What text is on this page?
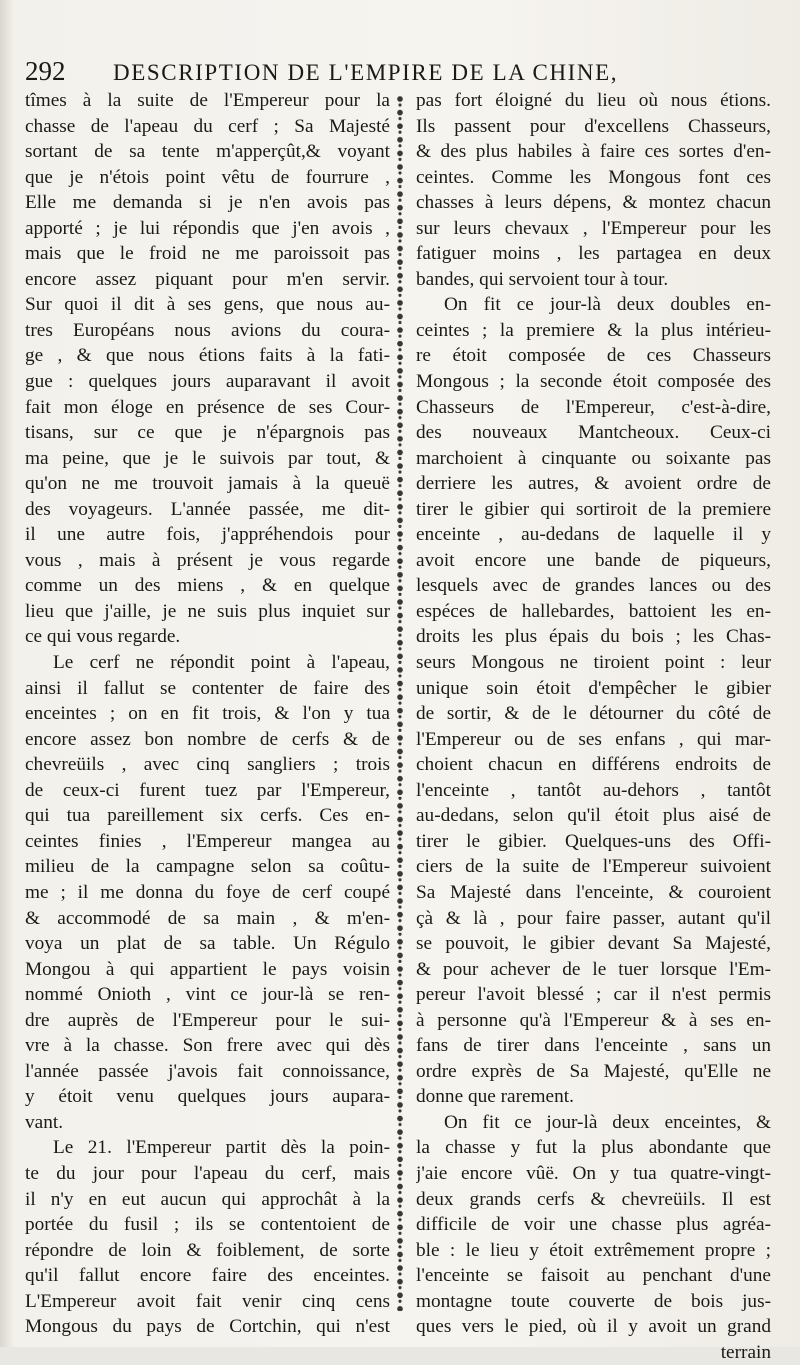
292	DESCRIPTION DE L'EMPIRE DE LA CHINE,
tîmes à la suite de l'Empereur pour la
chasse de l'apeau du cerf ; Sa Majesté
sortant de sa tente m'apperçût,& voyant
que je n'étois point vêtu de fourrure ,
Elle me demanda si je n'en avois pas
apporté ; je lui répondis que j'en avois ,
mais que le froid ne me paroissoit pas
encore assez piquant pour m'en servir.
Sur quoi il dit à ses gens, que nous au-
tres Européans nous avions du coura-
ge , & que nous étions faits à la fati-
gue : quelques jours auparavant il avoit
fait mon éloge en présence de ses Cour-
tisans, sur ce que je n'épargnois pas
ma peine, que je le suivois par tout, &
qu'on ne me trouvoit jamais à la queuë
des voyageurs. L'année passée, me dit-
il une autre fois, j'appréhendois pour
vous , mais à présent je vous regarde
comme un des miens , & en quelque
lieu que j'aille, je ne suis plus inquiet sur
ce qui vous regarde.
Le cerf ne répondit point à l'apeau,
ainsi il fallut se contenter de faire des
enceintes ; on en fit trois, & l'on y tua
encore assez bon nombre de cerfs & de
chevreüils , avec cinq sangliers ; trois
de ceux-ci furent tuez par l'Empereur,
qui tua pareillement six cerfs. Ces en-
ceintes finies , l'Empereur mangea au
milieu de la campagne selon sa coûtu-
me ; il me donna du foye de cerf coupé
& accommodé de sa main , & m'en-
voya un plat de sa table. Un Régulo
Mongou à qui appartient le pays voisin
nommé Onioth , vint ce jour-là se ren-
dre auprès de l'Empereur pour le sui-
vre à la chasse. Son frere avec qui dès
l'année passée j'avois fait connoissance,
y étoit venu quelques jours aupara-
vant.
Le 21. l'Empereur partit dès la poin-
te du jour pour l'apeau du cerf, mais
il n'y en eut aucun qui approchât à la
portée du fusil ; ils se contentoient de
répondre de loin & foiblement, de sorte
qu'il fallut encore faire des enceintes.
L'Empereur avoit fait venir cinq cens
Mongous du pays de Cortchin, qui n'est
pas fort éloigné du lieu où nous étions.
Ils passent pour d'excellens Chasseurs,
& des plus habiles à faire ces sortes d'en-
ceintes. Comme les Mongous font ces
chasses à leurs dépens, & montez chacun
sur leurs chevaux , l'Empereur pour les
fatiguer moins , les partagea en deux
bandes, qui servoient tour à tour.
On fit ce jour-là deux doubles en-
ceintes ; la premiere & la plus intérieu-
re étoit composée de ces Chasseurs
Mongous ; la seconde étoit composée des
Chasseurs de l'Empereur, c'est-à-dire,
des nouveaux Mantcheoux. Ceux-ci
marchoient à cinquante ou soixante pas
derriere les autres, & avoient ordre de
tirer le gibier qui sortiroit de la premiere
enceinte , au-dedans de laquelle il y
avoit encore une bande de piqueurs,
lesquels avec de grandes lances ou des
espéces de hallebardes, battoient les en-
droits les plus épais du bois ; les Chas-
seurs Mongous ne tiroient point : leur
unique soin étoit d'empêcher le gibier
de sortir, & de le détourner du côté de
l'Empereur ou de ses enfans , qui mar-
choient chacun en différens endroits de
l'enceinte , tantôt au-dehors , tantôt
au-dedans, selon qu'il étoit plus aisé de
tirer le gibier. Quelques-uns des Offi-
ciers de la suite de l'Empereur suivoient
Sa Majesté dans l'enceinte, & couroient
çà & là , pour faire passer, autant qu'il
se pouvoit, le gibier devant Sa Majesté,
& pour achever de le tuer lorsque l'Em-
pereur l'avoit blessé ; car il n'est permis
à personne qu'à l'Empereur & à ses en-
fans de tirer dans l'enceinte , sans un
ordre exprès de Sa Majesté, qu'Elle ne
donne que rarement.
On fit ce jour-là deux enceintes, &
la chasse y fut la plus abondante que
j'aie encore vûë. On y tua quatre-vingt-
deux grands cerfs & chevreüils. Il est
difficile de voir une chasse plus agréa-
ble : le lieu y étoit extrêmement propre ;
l'enceinte se faisoit au penchant d'une
montagne toute couverte de bois jus-
ques vers le pied, où il y avoit un grand
terrain
